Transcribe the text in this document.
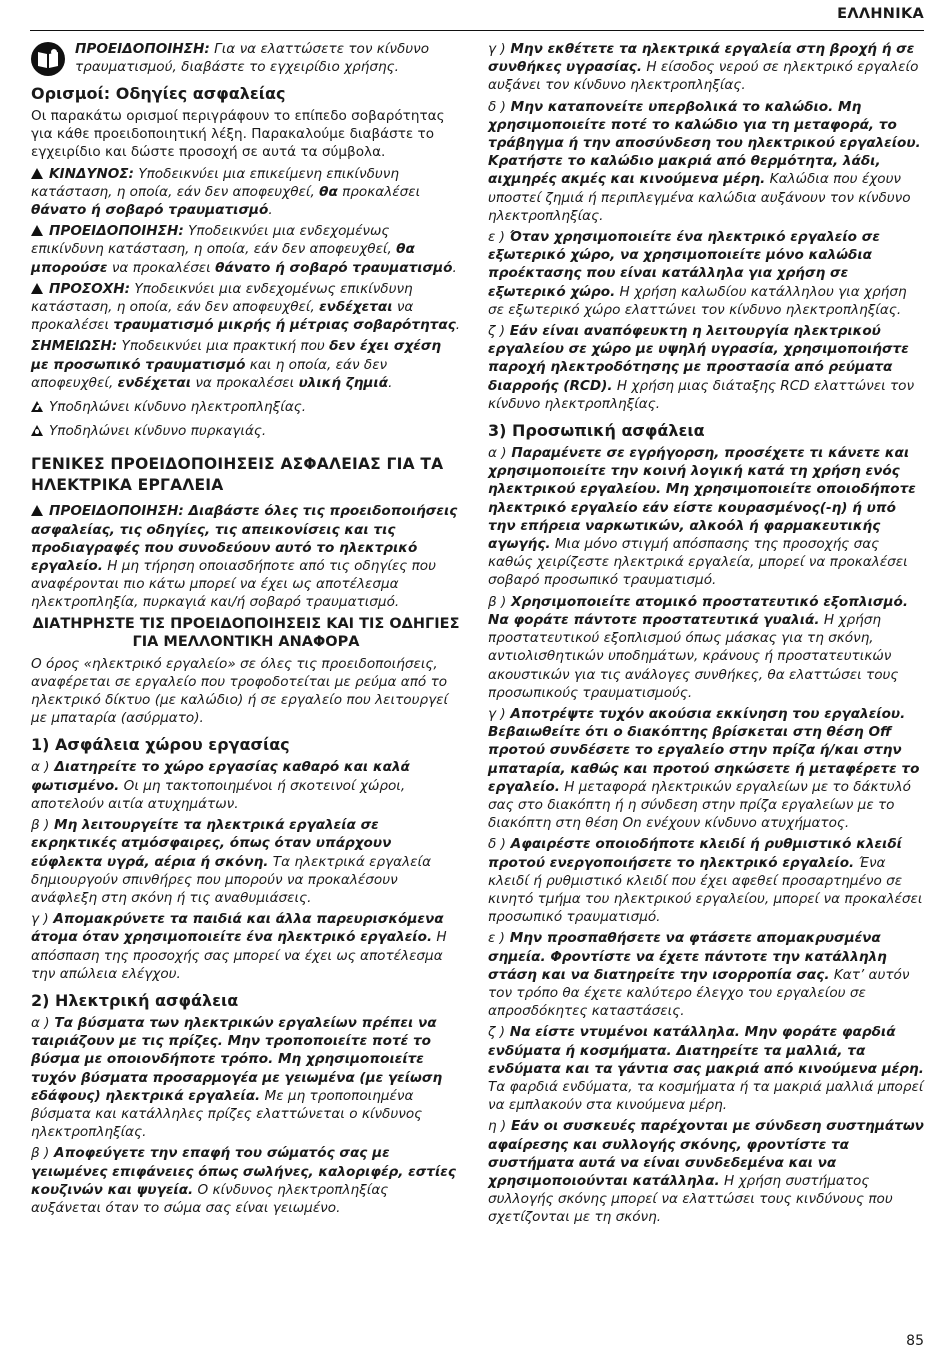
ΕΛΛΗΝΙΚΑ
ΠΡΟΕΙΔΟΠΟΙΗΣΗ: Για να ελαττώσετε τον κίνδυνο τραυματισμού, διαβάστε το εγχειρίδιο χρήσης.
Ορισμοί: Οδηγίες ασφαλείας

Οι παρακάτω ορισμοί περιγράφουν το επίπεδο σοβαρότητας για κάθε προειδοποιητική λέξη. Παρακαλούμε διαβάστε το εγχειρίδιο και δώστε προσοχή σε αυτά τα σύμβολα.

ΚΙΝΔΥΝΟΣ: Υποδεικνύει μια επικείμενη επικίνδυνη κατάσταση, η οποία, εάν δεν αποφευχθεί, θα προκαλέσει θάνατο ή σοβαρό τραυματισμό.

ΠΡΟΕΙΔΟΠΟΙΗΣΗ: Υποδεικνύει μια ενδεχομένως επικίνδυνη κατάσταση, η οποία, εάν δεν αποφευχθεί, θα μπορούσε να προκαλέσει θάνατο ή σοβαρό τραυματισμό.

ΠΡΟΣΟΧΗ: Υποδεικνύει μια ενδεχομένως επικίνδυνη κατάσταση, η οποία, εάν δεν αποφευχθεί, ενδέχεται να προκαλέσει τραυματισμό μικρής ή μέτριας σοβαρότητας.

ΣΗΜΕΙΩΣΗ: Υποδεικνύει μια πρακτική που δεν έχει σχέση με προσωπικό τραυματισμό και η οποία, εάν δεν αποφευχθεί, ενδέχεται να προκαλέσει υλική ζημιά.

Υποδηλώνει κίνδυνο ηλεκτροπληξίας.

Υποδηλώνει κίνδυνο πυρκαγιάς.

ΓΕΝΙΚΕΣ ΠΡΟΕΙΔΟΠΟΙΗΣΕΙΣ ΑΣΦΑΛΕΙΑΣ ΓΙΑ ΤΑ ΗΛΕΚΤΡΙΚΑ ΕΡΓΑΛΕΙΑ

ΠΡΟΕΙΔΟΠΟΙΗΣΗ: Διαβάστε όλες τις προειδοποιήσεις ασφαλείας, τις οδηγίες, τις απεικονίσεις και τις προδιαγραφές που συνοδεύουν αυτό το ηλεκτρικό εργαλείο. Η μη τήρηση οποιασδήποτε από τις οδηγίες που αναφέρονται πιο κάτω μπορεί να έχει ως αποτέλεσμα ηλεκτροπληξία, πυρκαγιά και/ή σοβαρό τραυματισμό.

ΔΙΑΤΗΡΗΣΤΕ ΤΙΣ ΠΡΟΕΙΔΟΠΟΙΗΣΕΙΣ ΚΑΙ ΤΙΣ ΟΔΗΓΙΕΣ ΓΙΑ ΜΕΛΛΟΝΤΙΚΗ ΑΝΑΦΟΡΑ

Ο όρος «ηλεκτρικό εργαλείο» σε όλες τις προειδοποιήσεις, αναφέρεται σε εργαλείο που τροφοδοτείται με ρεύμα από το ηλεκτρικό δίκτυο (με καλώδιο) ή σε εργαλείο που λειτουργεί με μπαταρία (ασύρματο).

1) Ασφάλεια χώρου εργασίας

α ) Διατηρείτε το χώρο εργασίας καθαρό και καλά φωτισμένο. Οι μη τακτοποιημένοι ή σκοτεινοί χώροι, αποτελούν αιτία ατυχημάτων.

β ) Μη λειτουργείτε τα ηλεκτρικά εργαλεία σε εκρηκτικές ατμόσφαιρες, όπως όταν υπάρχουν εύφλεκτα υγρά, αέρια ή σκόνη. Τα ηλεκτρικά εργαλεία δημιουργούν σπινθήρες που μπορούν να προκαλέσουν ανάφλεξη στη σκόνη ή τις αναθυμιάσεις.

γ ) Απομακρύνετε τα παιδιά και άλλα παρευρισκόμενα άτομα όταν χρησιμοποιείτε ένα ηλεκτρικό εργαλείο. Η απόσπαση της προσοχής σας μπορεί να έχει ως αποτέλεσμα την απώλεια ελέγχου.

2) Ηλεκτρική ασφάλεια

α ) Τα βύσματα των ηλεκτρικών εργαλείων πρέπει να ταιριάζουν με τις πρίζες. Μην τροποποιείτε ποτέ το βύσμα με οποιονδήποτε τρόπο. Μη χρησιμοποιείτε τυχόν βύσματα προσαρμογέα με γειωμένα (με γείωση εδάφους) ηλεκτρικά εργαλεία. Με μη τροποποιημένα βύσματα και κατάλληλες πρίζες ελαττώνεται ο κίνδυνος ηλεκτροπληξίας.

β ) Αποφεύγετε την επαφή του σώματός σας με γειωμένες επιφάνειες όπως σωλήνες, καλοριφέρ, εστίες κουζινών και ψυγεία. Ο κίνδυνος ηλεκτροπληξίας αυξάνεται όταν το σώμα σας είναι γειωμένο.

γ ) Μην εκθέτετε τα ηλεκτρικά εργαλεία στη βροχή ή σε συνθήκες υγρασίας. Η είσοδος νερού σε ηλεκτρικό εργαλείο αυξάνει τον κίνδυνο ηλεκτροπληξίας.

δ ) Μην καταπονείτε υπερβολικά το καλώδιο. Μη χρησιμοποιείτε ποτέ το καλώδιο για τη μεταφορά, το τράβηγμα ή την αποσύνδεση του ηλεκτρικού εργαλείου. Κρατήστε το καλώδιο μακριά από θερμότητα, λάδι, αιχμηρές ακμές και κινούμενα μέρη. Καλώδια που έχουν υποστεί ζημιά ή περιπλεγμένα καλώδια αυξάνουν τον κίνδυνο ηλεκτροπληξίας.

ε ) Όταν χρησιμοποιείτε ένα ηλεκτρικό εργαλείο σε εξωτερικό χώρο, να χρησιμοποιείτε μόνο καλώδια προέκτασης που είναι κατάλληλα για χρήση σε εξωτερικό χώρο. Η χρήση καλωδίου κατάλληλου για χρήση σε εξωτερικό χώρο ελαττώνει τον κίνδυνο ηλεκτροπληξίας.

ζ ) Εάν είναι αναπόφευκτη η λειτουργία ηλεκτρικού εργαλείου σε χώρο με υψηλή υγρασία, χρησιμοποιήστε παροχή ηλεκτροδότησης με προστασία από ρεύματα διαρροής (RCD). Η χρήση μιας διάταξης RCD ελαττώνει τον κίνδυνο ηλεκτροπληξίας.

3) Προσωπική ασφάλεια

α ) Παραμένετε σε εγρήγορση, προσέχετε τι κάνετε και χρησιμοποιείτε την κοινή λογική κατά τη χρήση ενός ηλεκτρικού εργαλείου. Μη χρησιμοποιείτε οποιοδήποτε ηλεκτρικό εργαλείο εάν είστε κουρασμένος(-η) ή υπό την επήρεια ναρκωτικών, αλκοόλ ή φαρμακευτικής αγωγής. Μια μόνο στιγμή απόσπασης της προσοχής σας καθώς χειρίζεστε ηλεκτρικά εργαλεία, μπορεί να προκαλέσει σοβαρό προσωπικό τραυματισμό.

β ) Χρησιμοποιείτε ατομικό προστατευτικό εξοπλισμό. Να φοράτε πάντοτε προστατευτικά γυαλιά. Η χρήση προστατευτικού εξοπλισμού όπως μάσκας για τη σκόνη, αντιολισθητικών υποδημάτων, κράνους ή προστατευτικών ακουστικών για τις ανάλογες συνθήκες, θα ελαττώσει τους προσωπικούς τραυματισμούς.

γ ) Αποτρέψτε τυχόν ακούσια εκκίνηση του εργαλείου. Βεβαιωθείτε ότι ο διακόπτης βρίσκεται στη θέση Off προτού συνδέσετε το εργαλείο στην πρίζα ή/και στην μπαταρία, καθώς και προτού σηκώσετε ή μεταφέρετε το εργαλείο. Η μεταφορά ηλεκτρικών εργαλείων με το δάκτυλό σας στο διακόπτη ή η σύνδεση στην πρίζα εργαλείων με το διακόπτη στη θέση On ενέχουν κίνδυνο ατυχήματος.

δ ) Αφαιρέστε οποιοδήποτε κλειδί ή ρυθμιστικό κλειδί προτού ενεργοποιήσετε το ηλεκτρικό εργαλείο. Ένα κλειδί ή ρυθμιστικό κλειδί που έχει αφεθεί προσαρτημένο σε κινητό τμήμα του ηλεκτρικού εργαλείου, μπορεί να προκαλέσει προσωπικό τραυματισμό.

ε ) Μην προσπαθήσετε να φτάσετε απομακρυσμένα σημεία. Φροντίστε να έχετε πάντοτε την κατάλληλη στάση και να διατηρείτε την ισορροπία σας. Κατ’ αυτόν τον τρόπο θα έχετε καλύτερο έλεγχο του εργαλείου σε απροσδόκητες καταστάσεις.

ζ ) Να είστε ντυμένοι κατάλληλα. Μην φοράτε φαρδιά ενδύματα ή κοσμήματα. Διατηρείτε τα μαλλιά, τα ενδύματα και τα γάντια σας μακριά από κινούμενα μέρη. Τα φαρδιά ενδύματα, τα κοσμήματα ή τα μακριά μαλλιά μπορεί να εμπλακούν στα κινούμενα μέρη.

η ) Εάν οι συσκευές παρέχονται με σύνδεση συστημάτων αφαίρεσης και συλλογής σκόνης, φροντίστε τα συστήματα αυτά να είναι συνδεδεμένα και να χρησιμοποιούνται κατάλληλα. Η χρήση συστήματος συλλογής σκόνης μπορεί να ελαττώσει τους κινδύνους που σχετίζονται με τη σκόνη.

85
